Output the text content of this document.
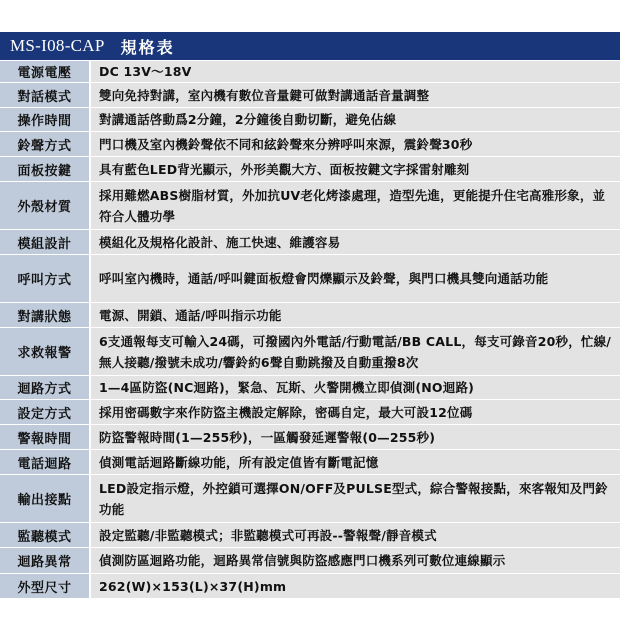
MS-I08-CAP 規格表
電源電壓	DC 13V～18V
對話模式	雙向免持對講，室內機有數位音量鍵可做對講通話音量調整
操作時間	對講通話啓動爲2分鐘，2分鐘後自動切斷，避免佔線
鈴聲方式	門口機及室內機鈴聲依不同和絃鈴聲來分辨呼叫來源，震鈴聲30秒
面板按鍵	具有藍色LED背光顯示，外形美觀大方、面板按鍵文字採雷射雕刻
外殼材質	採用難燃ABS樹脂材質，外加抗UV老化烤漆處理，造型先進，更能提升住宅高雅形象，並符合人體功學
模組設計	模組化及規格化設計、施工快速、維護容易
呼叫方式	呼叫室內機時，通話/呼叫鍵面板燈會閃爍顯示及鈴聲，與門口機具雙向通話功能
對講狀態	電源、開鎖、通話/呼叫指示功能
求救報警	6支通報每支可輸入24碼，可撥國內外電話/行動電話/BB CALL，每支可錄音20秒，忙線/無人接聽/撥號未成功/響鈴約6聲自動跳撥及自動重撥8次
迴路方式	1—4區防盜(NC迴路)，緊急、瓦斯、火警開機立即偵測(NO迴路)
設定方式	採用密碼數字來作防盜主機設定解除，密碼自定，最大可設12位碼
警報時間	防盜警報時間(1—255秒)，一區觸發延遲警報(0—255秒)
電話迴路	偵測電話迴路斷線功能，所有設定值皆有斷電記憶
輸出接點	LED設定指示燈，外控鎖可選擇ON/OFF及PULSE型式，綜合警報接點，來客報知及門鈴功能
監聽模式	設定監聽/非監聽模式；非監聽模式可再設--警報聲/靜音模式
迴路異常	偵測防區迴路功能，迴路異常信號與防盜感應門口機系列可數位連線顯示
外型尺寸	262(W)×153(L)×37(H)mm
